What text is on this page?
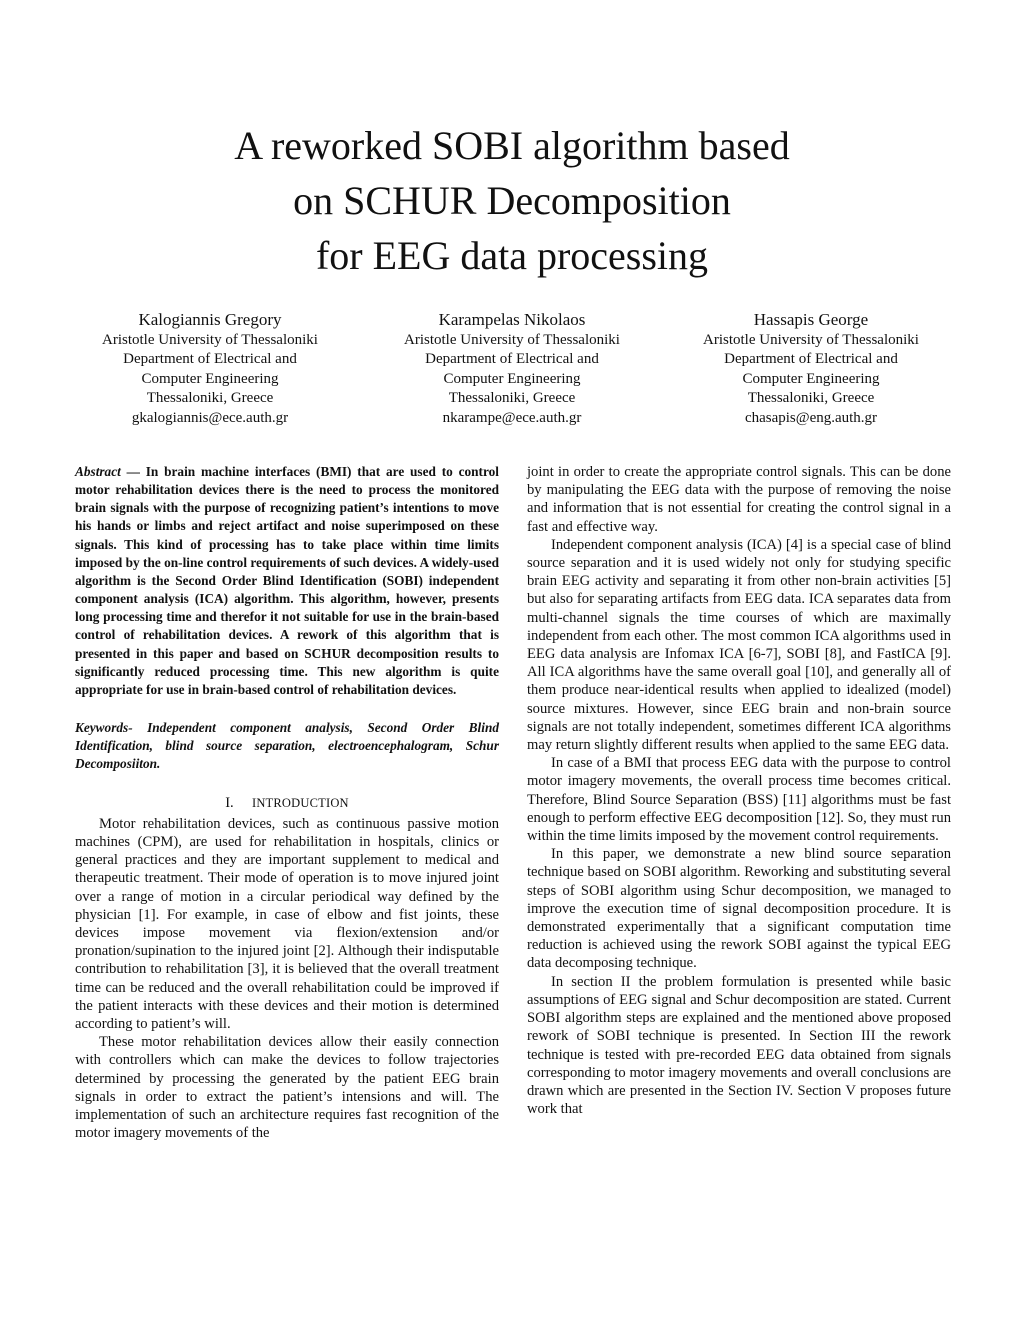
A reworked SOBI algorithm based
on SCHUR Decomposition
for EEG data processing
Kalogiannis Gregory
Aristotle University of Thessaloniki
Department of Electrical and
Computer Engineering
Thessaloniki, Greece
gkalogiannis@ece.auth.gr
Karampelas Nikolaos
Aristotle University of Thessaloniki
Department of Electrical and
Computer Engineering
Thessaloniki, Greece
nkarampe@ece.auth.gr
Hassapis George
Aristotle University of Thessaloniki
Department of Electrical and
Computer Engineering
Thessaloniki, Greece
chasapis@eng.auth.gr
Abstract — In brain machine interfaces (BMI) that are used to control motor rehabilitation devices there is the need to process the monitored brain signals with the purpose of recognizing patient’s intentions to move his hands or limbs and reject artifact and noise superimposed on these signals. This kind of processing has to take place within time limits imposed by the on-line control requirements of such devices. A widely-used algorithm is the Second Order Blind Identification (SOBI) independent component analysis (ICA) algorithm. This algorithm, however, presents long processing time and therefor it not suitable for use in the brain-based control of rehabilitation devices. A rework of this algorithm that is presented in this paper and based on SCHUR decomposition results to significantly reduced processing time. This new algorithm is quite appropriate for use in brain-based control of rehabilitation devices.
Keywords- Independent component analysis, Second Order Blind Identification, blind source separation, electroencephalogram, Schur Decomposiiton.
I. INTRODUCTION

Motor rehabilitation devices, such as continuous passive motion machines (CPM), are used for rehabilitation in hospitals, clinics or general practices and they are important supplement to medical and therapeutic treatment. Their mode of operation is to move injured joint over a range of motion in a circular periodical way defined by the physician [1]. For example, in case of elbow and fist joints, these devices impose movement via flexion/extension and/or pronation/supination to the injured joint [2]. Although their indisputable contribution to rehabilitation [3], it is believed that the overall treatment time can be reduced and the overall rehabilitation could be improved if the patient interacts with these devices and their motion is determined according to patient’s will.

These motor rehabilitation devices allow their easily connection with controllers which can make the devices to follow trajectories determined by processing the generated by the patient EEG brain signals in order to extract the patient’s intensions and will. The implementation of such an architecture requires fast recognition of the motor imagery movements of the

joint in order to create the appropriate control signals. This can be done by manipulating the EEG data with the purpose of removing the noise and information that is not essential for creating the control signal in a fast and effective way.

Independent component analysis (ICA) [4] is a special case of blind source separation and it is used widely not only for studying specific brain EEG activity and separating it from other non-brain activities [5] but also for separating artifacts from EEG data. ICA separates data from multi-channel signals the time courses of which are maximally independent from each other. The most common ICA algorithms used in EEG data analysis are Infomax ICA [6-7], SOBI [8], and FastICA [9]. All ICA algorithms have the same overall goal [10], and generally all of them produce near-identical results when applied to idealized (model) source mixtures. However, since EEG brain and non-brain source signals are not totally independent, sometimes different ICA algorithms may return slightly different results when applied to the same EEG data.

In case of a BMI that process EEG data with the purpose to control motor imagery movements, the overall process time becomes critical. Therefore, Blind Source Separation (BSS) [11] algorithms must be fast enough to perform effective EEG decomposition [12]. So, they must run within the time limits imposed by the movement control requirements.

In this paper, we demonstrate a new blind source separation technique based on SOBI algorithm. Reworking and substituting several steps of SOBI algorithm using Schur decomposition, we managed to improve the execution time of signal decomposition procedure. It is demonstrated experimentally that a significant computation time reduction is achieved using the rework SOBI against the typical EEG data decomposing technique.

In section II the problem formulation is presented while basic assumptions of EEG signal and Schur decomposition are stated. Current SOBI algorithm steps are explained and the mentioned above proposed rework of SOBI technique is presented. In Section III the rework technique is tested with pre-recorded EEG data obtained from signals corresponding to motor imagery movements and overall conclusions are drawn which are presented in the Section IV. Section V proposes future work that
